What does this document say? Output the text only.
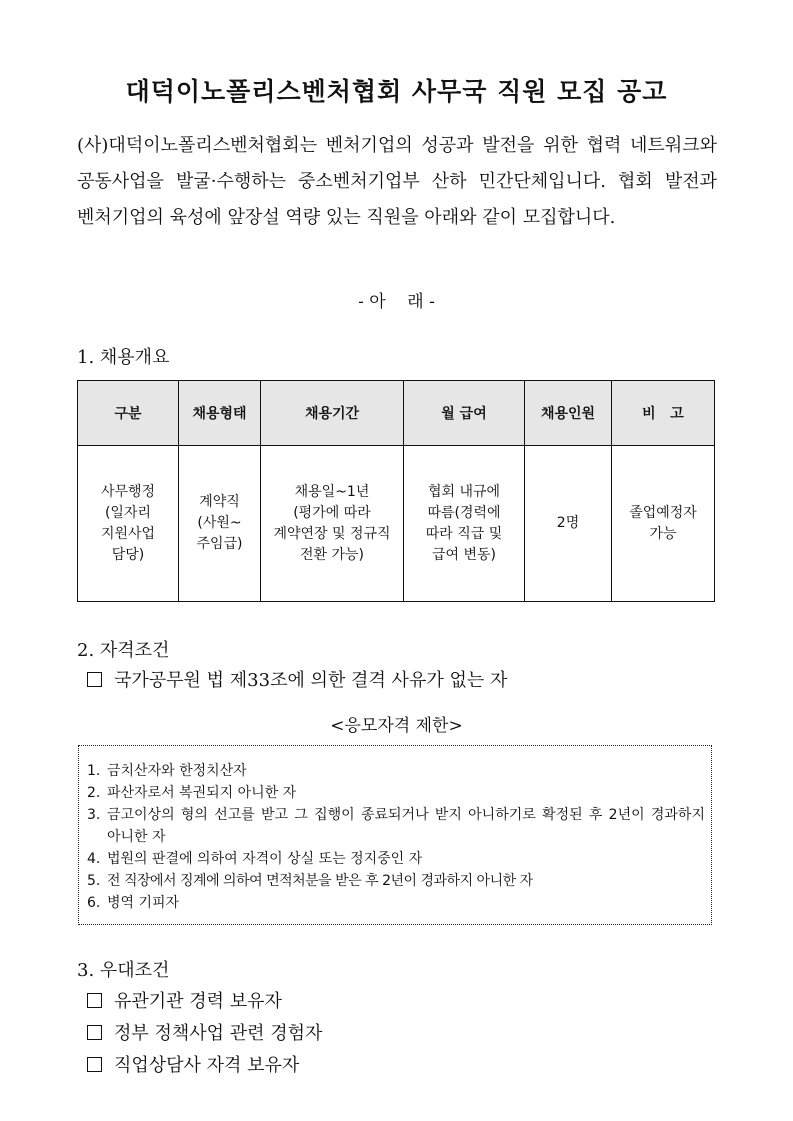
대덕이노폴리스벤처협회 사무국 직원 모집 공고
(사)대덕이노폴리스벤처협회는 벤처기업의 성공과 발전을 위한 협력 네트워크와 공동사업을 발굴·수행하는 중소벤처기업부 산하 민간단체입니다. 협회 발전과 벤처기업의 육성에 앞장설 역량 있는 직원을 아래와 같이 모집합니다.
- 아    래 -
1. 채용개요
구분	채용형태	채용기간	월 급여	채용인원	비   고
사무행정 (일자리 지원사업 담당)	계약직 (사원~ 주임급)	채용일~1년 (평가에 따라 계약연장 및 정규직 전환 가능)	협회 내규에 따름(경력에 따라 직급 및 급여 변동)	2명	졸업예정자 가능
2. 자격조건
국가공무원 법 제33조에 의한 결격 사유가 없는 자
<응모자격 제한>
1. 금치산자와 한정치산자
2. 파산자로서 복권되지 아니한 자
3. 금고이상의 형의 선고를 받고 그 집행이 종료되거나 받지 아니하기로 확정된 후 2년이 경과하지 아니한 자
4. 법원의 판결에 의하여 자격이 상실 또는 정지중인 자
5. 전 직장에서 징계에 의하여 면적처분을 받은 후 2년이 경과하지 아니한 자
6. 병역 기피자
3. 우대조건
유관기관 경력 보유자
정부 정책사업 관련 경험자
직업상담사 자격 보유자
